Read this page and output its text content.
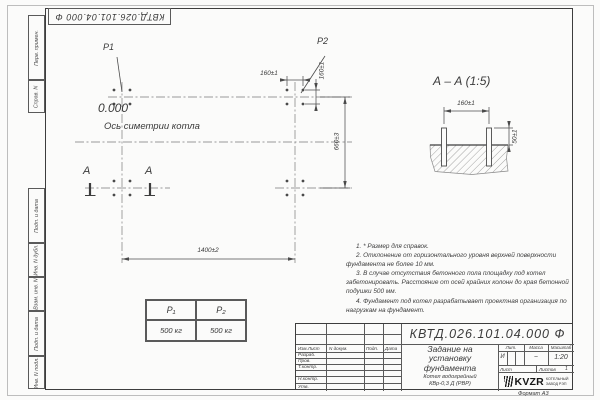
Перв. примен.
Справ. N
Подп. и дата
Инв. N дубл.
Взам. инв. N
Подп. и дата
Инв. N подл.
КВТД.026.101.04.000 Ф
P1
P2
0.000
Ось симетрии котла
А	А
1400±2
660±3
160±1	160±1
А – А (1:5)
160±1
50±1

1. * Размер для справок.

2. Отклонение от горизонтального уровня верхней поверхности фундамента не более 10 мм.

3. В случае отсутствия бетонного пола площадку под котел забетонировать. Расстояние от осей крайних колонн до края бетонной подушки 500 мм.

4. Фундамент под котел разрабатывает проектная организация по нагрузкам на фундамент.

P₁	P₂
500 кг	500 кг
Изм.Лист N докум.	Подп. Дата
Разраб.
Пров.
Т.контр.
Н.контр.
Утв.
КВТД.026.101.04.000 Ф
Задание на
установку
фундамента
Котел водогрейный
КВр-0,3 Д (РВР)
Лит.	Масса	Масштаб
И	–	1:20
Лист	Листов 1
KVZR КОТЕЛЬНЫЙ
ЗАВОД РЭП
Формат А3
